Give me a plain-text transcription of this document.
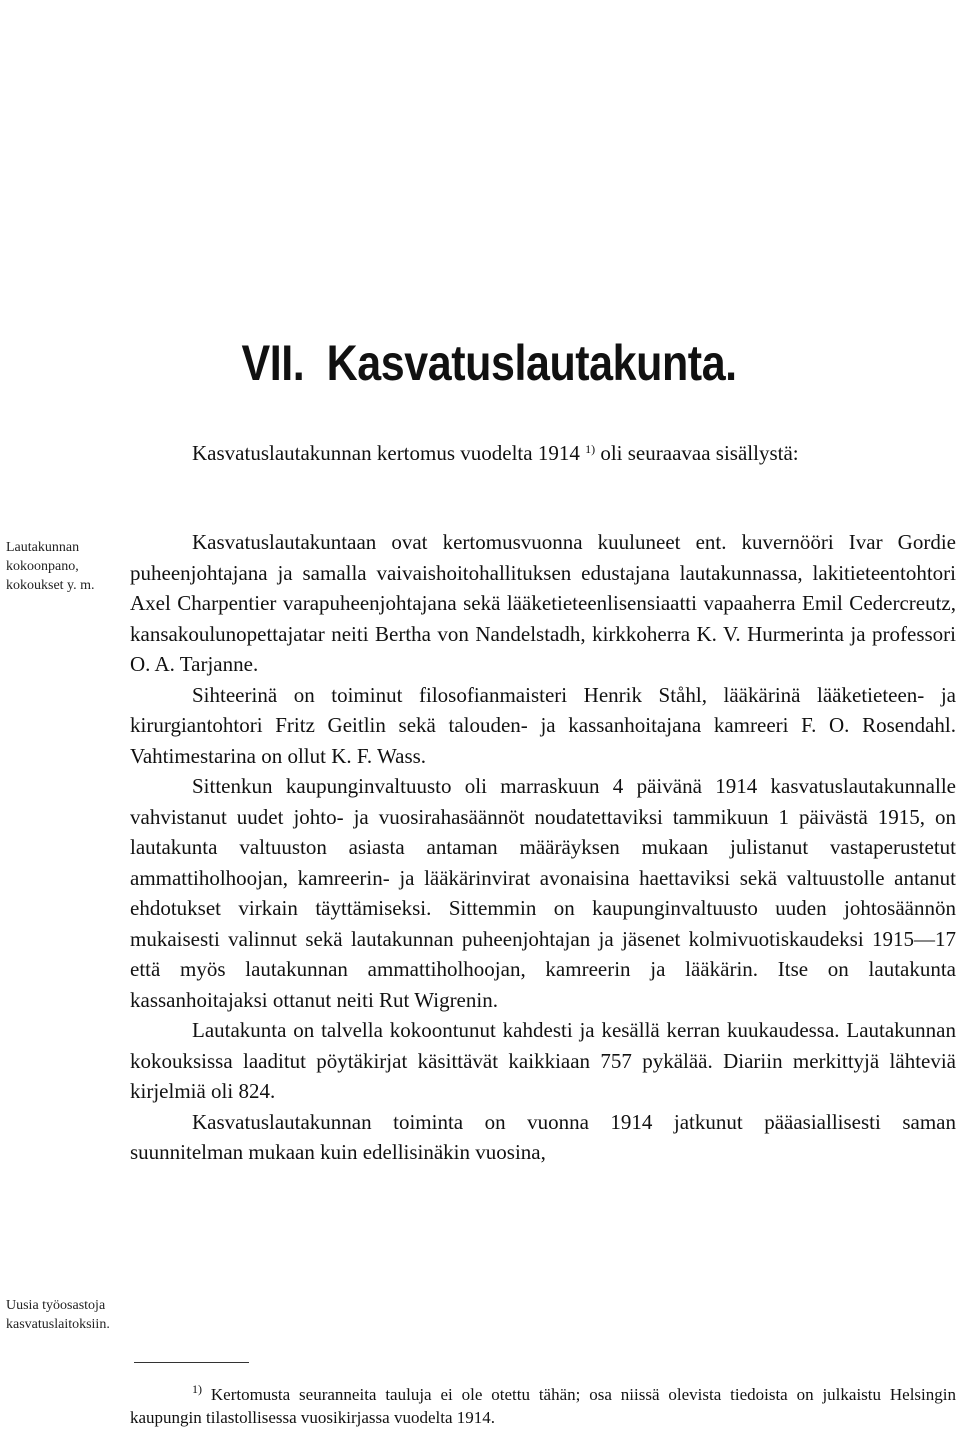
VII. Kasvatuslautakunta.

Kasvatuslautakunnan kertomus vuodelta 1914 $^{1)}$ oli seuraavaa sisällystä:

Lautakunnan kokoonpano, kokoukset y. m.
Uusia työosastoja kasvatuslaitoksiin.

Kasvatuslautakuntaan ovat kertomusvuonna kuuluneet ent. kuvernööri Ivar Gordie puheenjohtajana ja samalla vaivaishoitohallituksen edustajana lautakunnassa, lakitieteentohtori Axel Charpentier varapuheenjohtajana sekä lääketieteenlisensiaatti vapaaherra Emil Cedercreutz, kansakoulunopettajatar neiti Bertha von Nandelstadh, kirkkoherra K. V. Hurmerinta ja professori O. A. Tarjanne.

Sihteerinä on toiminut filosofianmaisteri Henrik Ståhl, lääkärinä lääketieteen- ja kirurgiantohtori Fritz Geitlin sekä talouden- ja kassanhoitajana kamreeri F. O. Rosendahl. Vahtimestarina on ollut K. F. Wass.

Sittenkun kaupunginvaltuusto oli marraskuun 4 päivänä 1914 kasvatuslautakunnalle vahvistanut uudet johto- ja vuosirahasäännöt noudatettaviksi tammikuun 1 päivästä 1915, on lautakunta valtuuston asiasta antaman määräyksen mukaan julistanut vastaperustetut ammattiholhoojan, kamreerin- ja lääkärinvirat avonaisina haettaviksi sekä valtuustolle antanut ehdotukset virkain täyttämiseksi. Sittemmin on kaupunginvaltuusto uuden johtosäännön mukaisesti valinnut sekä lautakunnan puheenjohtajan ja jäsenet kolmivuotiskaudeksi 1915—17 että myös lautakunnan ammattiholhoojan, kamreerin ja lääkärin. Itse on lautakunta kassanhoitajaksi ottanut neiti Rut Wigrenin.

Lautakunta on talvella kokoontunut kahdesti ja kesällä kerran kuukaudessa. Lautakunnan kokouksissa laaditut pöytäkirjat käsittävät kaikkiaan 757 pykälää. Diariin merkittyjä lähteviä kirjelmiä oli 824.

Kasvatuslautakunnan toiminta on vuonna 1914 jatkunut pääasiallisesti saman suunnitelman mukaan kuin edellisinäkin vuosina,

$^{1)}$ Kertomusta seuranneita tauluja ei ole otettu tähän; osa niissä olevista tiedoista on julkaistu Helsingin kaupungin tilastollisessa vuosikirjassa vuodelta 1914.
